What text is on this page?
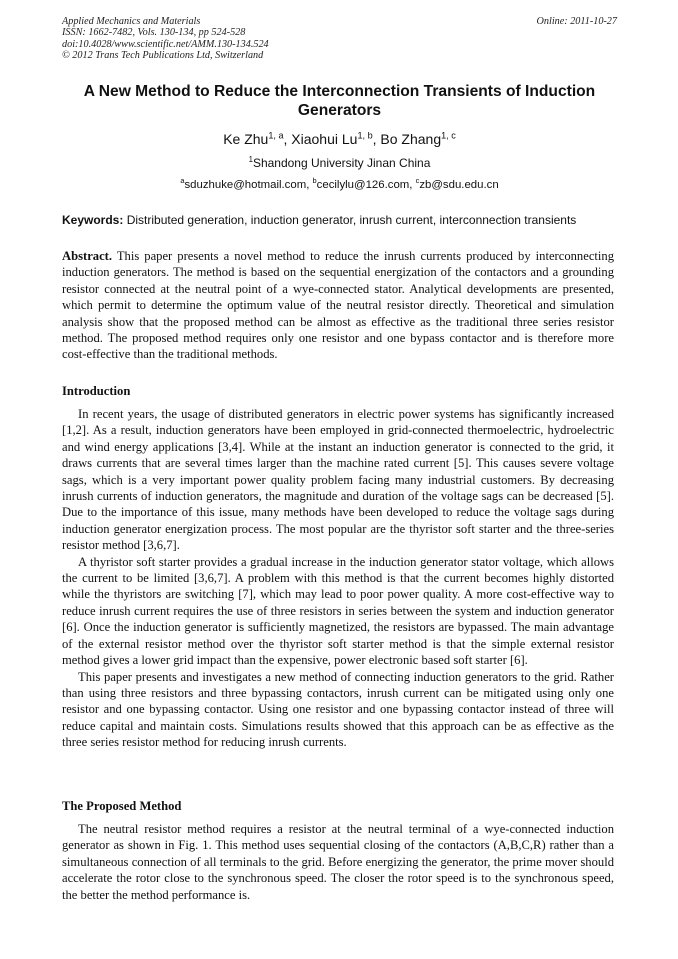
Applied Mechanics and Materials
ISSN: 1662-7482, Vols. 130-134, pp 524-528
doi:10.4028/www.scientific.net/AMM.130-134.524
© 2012 Trans Tech Publications Ltd, Switzerland
Online: 2011-10-27
A New Method to Reduce the Interconnection Transients of Induction
Generators
Ke Zhu$^{1, a}$, Xiaohui Lu$^{1, b}$, Bo Zhang$^{1, c}$
$^1$Shandong University Jinan China
$^a$sduzhuke@hotmail.com, $^b$cecilylu@126.com, $^c$zb@sdu.edu.cn
Keywords: Distributed generation, induction generator, inrush current, interconnection transients

Abstract. This paper presents a novel method to reduce the inrush currents produced by interconnecting induction generators. The method is based on the sequential energization of the contactors and a grounding resistor connected at the neutral point of a wye-connected stator. Analytical developments are presented, which permit to determine the optimum value of the neutral resistor directly. Theoretical and simulation analysis show that the proposed method can be almost as effective as the traditional three series resistor method. The proposed method requires only one resistor and one bypass contactor and is therefore more cost-effective than the traditional methods.

Introduction

In recent years, the usage of distributed generators in electric power systems has significantly increased [1,2]. As a result, induction generators have been employed in grid-connected thermoelectric, hydroelectric and wind energy applications [3,4]. While at the instant an induction generator is connected to the grid, it draws currents that are several times larger than the machine rated current [5]. This causes severe voltage sags, which is a very important power quality problem facing many industrial customers. By decreasing inrush currents of induction generators, the magnitude and duration of the voltage sags can be decreased [5]. Due to the importance of this issue, many methods have been developed to reduce the voltage sags during induction generator energization process. The most popular are the thyristor soft starter and the three-series resistor method [3,6,7].

A thyristor soft starter provides a gradual increase in the induction generator stator voltage, which allows the current to be limited [3,6,7]. A problem with this method is that the current becomes highly distorted while the thyristors are switching [7], which may lead to poor power quality. A more cost-effective way to reduce inrush current requires the use of three resistors in series between the system and induction generator [6]. Once the induction generator is sufficiently magnetized, the resistors are bypassed. The main advantage of the external resistor method over the thyristor soft starter method is that the simple external resistor method gives a lower grid impact than the expensive, power electronic based soft starter [6].

This paper presents and investigates a new method of connecting induction generators to the grid. Rather than using three resistors and three bypassing contactors, inrush current can be mitigated using only one resistor and one bypassing contactor. Using one resistor and one bypassing contactor instead of three will reduce capital and maintain costs. Simulations results showed that this approach can be as effective as the three series resistor method for reducing inrush currents.

The Proposed Method

The neutral resistor method requires a resistor at the neutral terminal of a wye-connected induction generator as shown in Fig. 1. This method uses sequential closing of the contactors (A,B,C,R) rather than a simultaneous connection of all terminals to the grid. Before energizing the generator, the prime mover should accelerate the rotor close to the synchronous speed. The closer the rotor speed is to the synchronous speed, the better the method performance is.
